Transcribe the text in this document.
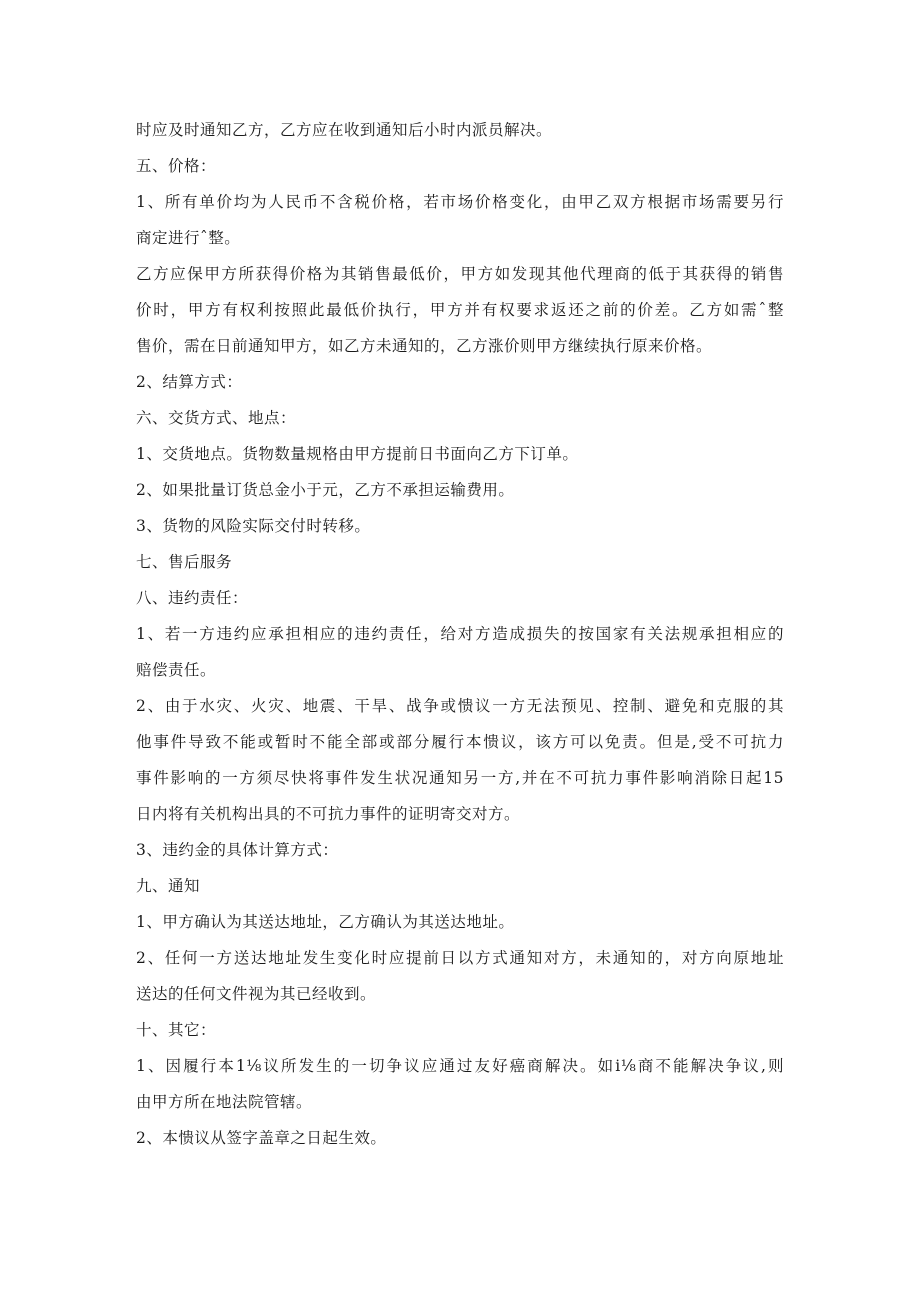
时应及时通知乙方，乙方应在收到通知后小时内派员解决。
五、价格：
1、所有单价均为人民币不含税价格，若市场价格变化，由甲乙双方根据市场需要另行
商定进行ˆ整。
乙方应保甲方所获得价格为其销售最低价，甲方如发现其他代理商的低于其获得的销售
价时，甲方有权利按照此最低价执行，甲方并有权要求返还之前的价差。乙方如需ˆ整
售价，需在日前通知甲方，如乙方未通知的，乙方涨价则甲方继续执行原来价格。
2、结算方式：
六、交货方式、地点：
1、交货地点。货物数量规格由甲方提前日书面向乙方下订单。
2、如果批量订货总金小于元，乙方不承担运输费用。
3、货物的风险实际交付时转移。
七、售后服务
八、违约责任：
1、若一方违约应承担相应的违约责任，给对方造成损失的按国家有关法规承担相应的
赔偿责任。
2、由于水灾、火灾、地震、干旱、战争或愦议一方无法预见、控制、避免和克服的其
他事件导致不能或暂时不能全部或部分履行本愦议，该方可以免责。但是,受不可抗力
事件影响的一方须尽快将事件发生状况通知另一方,并在不可抗力事件影响消除日起15
日内将有关机构出具的不可抗力事件的证明寄交对方。
3、违约金的具体计算方式：
九、通知
1、甲方确认为其送达地址，乙方确认为其送达地址。
2、任何一方送达地址发生变化时应提前日以方式通知对方，未通知的，对方向原地址
送达的任何文件视为其已经收到。
十、其它：
1、因履行本1⅛议所发生的一切争议应通过友好癌商解决。如i⅛商不能解决争议,则
由甲方所在地法院管辖。
2、本愦议从签字盖章之日起生效。
